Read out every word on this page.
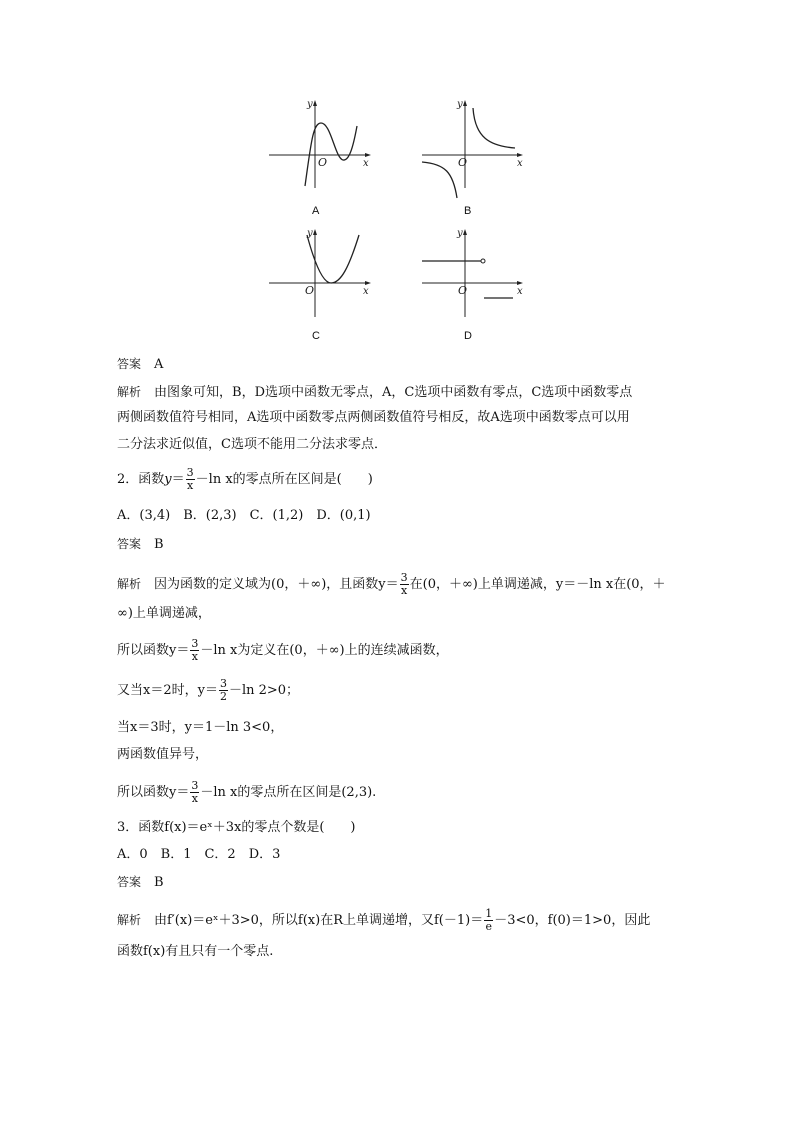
y
x
O
A
y
x
O
B
y
x
O
C
y
x
O
D
答案　 A
解析　 由图象可知，B，D选项中函数无零点，A，C选项中函数有零点，C选项中函数零点
两侧函数值符号相同，A选项中函数零点两侧函数值符号相反，故A选项中函数零点可以用
二分法求近似值，C选项不能用二分法求零点．
2．函数$y= \frac{3}{x} -\ln$ x的零点所在区间是(　　)
A．(3,4)　B．(2,3)　C．(1,2)　D．(0,1)
答案　 B
解析　 因为函数的定义域为(0，＋∞)，且函数$y= \frac{3}{x}$ 在(0，＋∞)上单调递减，y＝－ln x在(0，＋
∞)上单调递减，
所以函数$y= \frac{3}{x} -\ln$ x为定义在(0，＋∞)上的连续减函数，
又当x＝2时，$y= \frac{3}{2} -\ln$ 2>0；
当x＝3时，y＝1－ln 3<0，
两函数值异号，
所以函数$y= \frac{3}{x} -\ln$ x的零点所在区间是(2,3).
3．函数f(x)＝eˣ＋3x的零点个数是(　　)
A．0　B．1　C．2　D．3
答案　 B
解析　 由f′(x)＝eˣ＋3>0，所以f(x)在R上单调递增，又$f(-1)= \frac{1}{e} -3<0$，f(0)＝1>0，因此
函数f(x)有且只有一个零点.
